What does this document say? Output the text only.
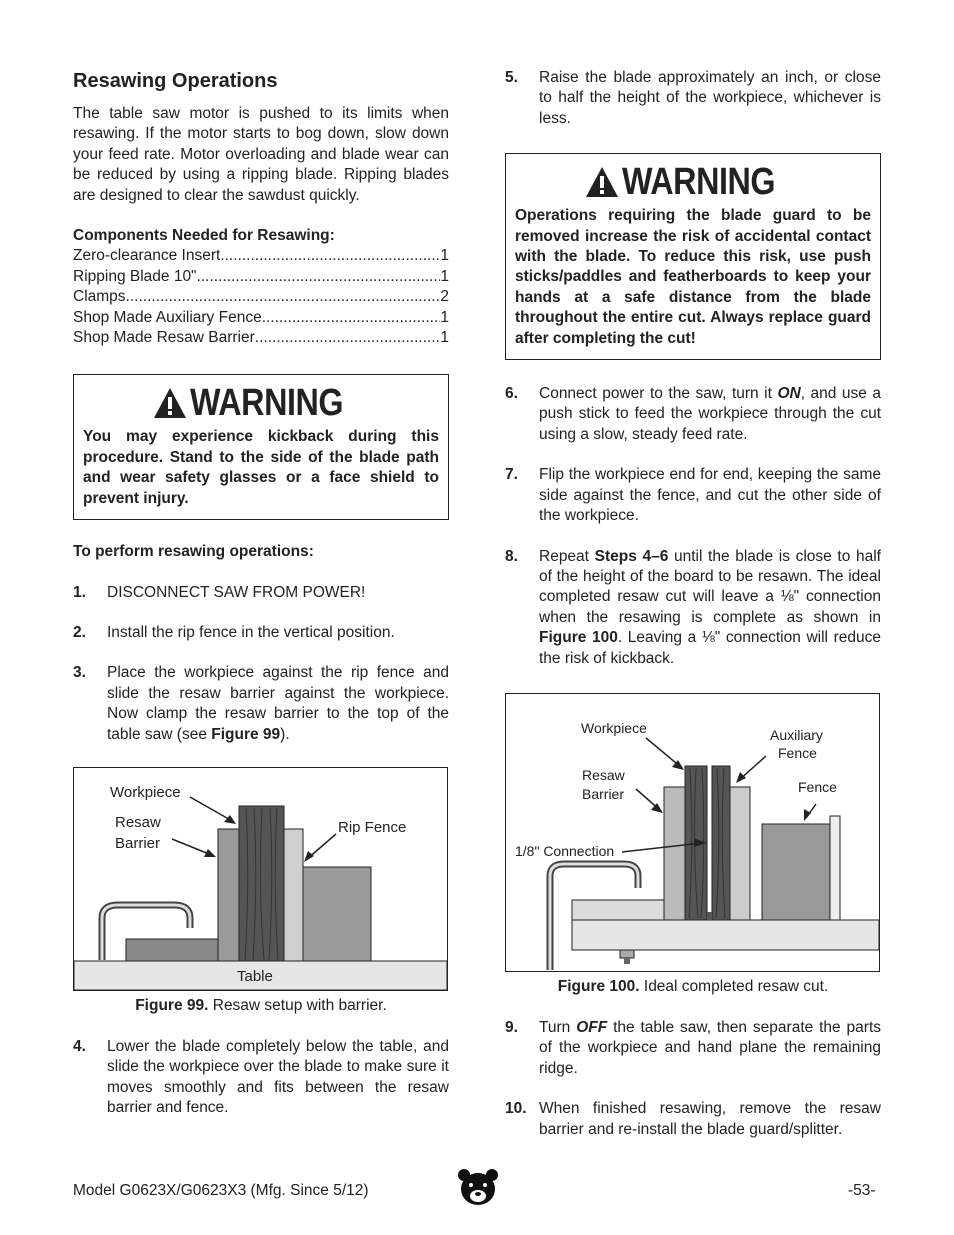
Resawing Operations

The table saw motor is pushed to its limits when resawing. If the motor starts to bog down, slow down your feed rate. Motor overloading and blade wear can be reduced by using a ripping blade. Ripping blades are designed to clear the sawdust quickly.

Components Needed for Resawing:

Zero-clearance Insert .....	1
Ripping Blade 10" .....	1
Clamps .....	2
Shop Made Auxiliary Fence .....	1
Shop Made Resaw Barrier .....	1
WARNING
You may experience kickback during this procedure. Stand to the side of the blade path and wear safety glasses or a face shield to prevent injury.

To perform resawing operations:

1.	DISCONNECT SAW FROM POWER!
2.	Install the rip fence in the vertical position.
3.	Place the workpiece against the rip fence and slide the resaw barrier against the workpiece. Now clamp the resaw barrier to the top of the table saw (see Figure 99).
Workpiece
Resaw
Barrier
Rip Fence
Table
Figure 99. Resaw setup with barrier.
4.	Lower the blade completely below the table, and slide the workpiece over the blade to make sure it moves smoothly and fits between the resaw barrier and fence.
5.	Raise the blade approximately an inch, or close to half the height of the workpiece, whichever is less.
WARNING
Operations requiring the blade guard to be removed increase the risk of accidental contact with the blade. To reduce this risk, use push sticks/paddles and featherboards to keep your hands at a safe distance from the blade throughout the entire cut. Always replace guard after completing the cut!
6.	Connect power to the saw, turn it ON, and use a push stick to feed the workpiece through the cut using a slow, steady feed rate.
7.	Flip the workpiece end for end, keeping the same side against the fence, and cut the other side of the workpiece.
8.	Repeat Steps 4–6 until the blade is close to half of the height of the board to be resawn. The ideal completed resaw cut will leave a ⅛" connection when the resawing is complete as shown in Figure 100. Leaving a ⅛" connection will reduce the risk of kickback.
Workpiece	Auxiliary
Fence
Resaw
Barrier	Fence
1/8" Connection
Figure 100. Ideal completed resaw cut.
9.	Turn OFF the table saw, then separate the parts of the workpiece and hand plane the remaining ridge.
10. When finished resawing, remove the resaw barrier and re-install the blade guard/splitter.
Model G0623X/G0623X3 (Mfg. Since 5/12)	-53-
